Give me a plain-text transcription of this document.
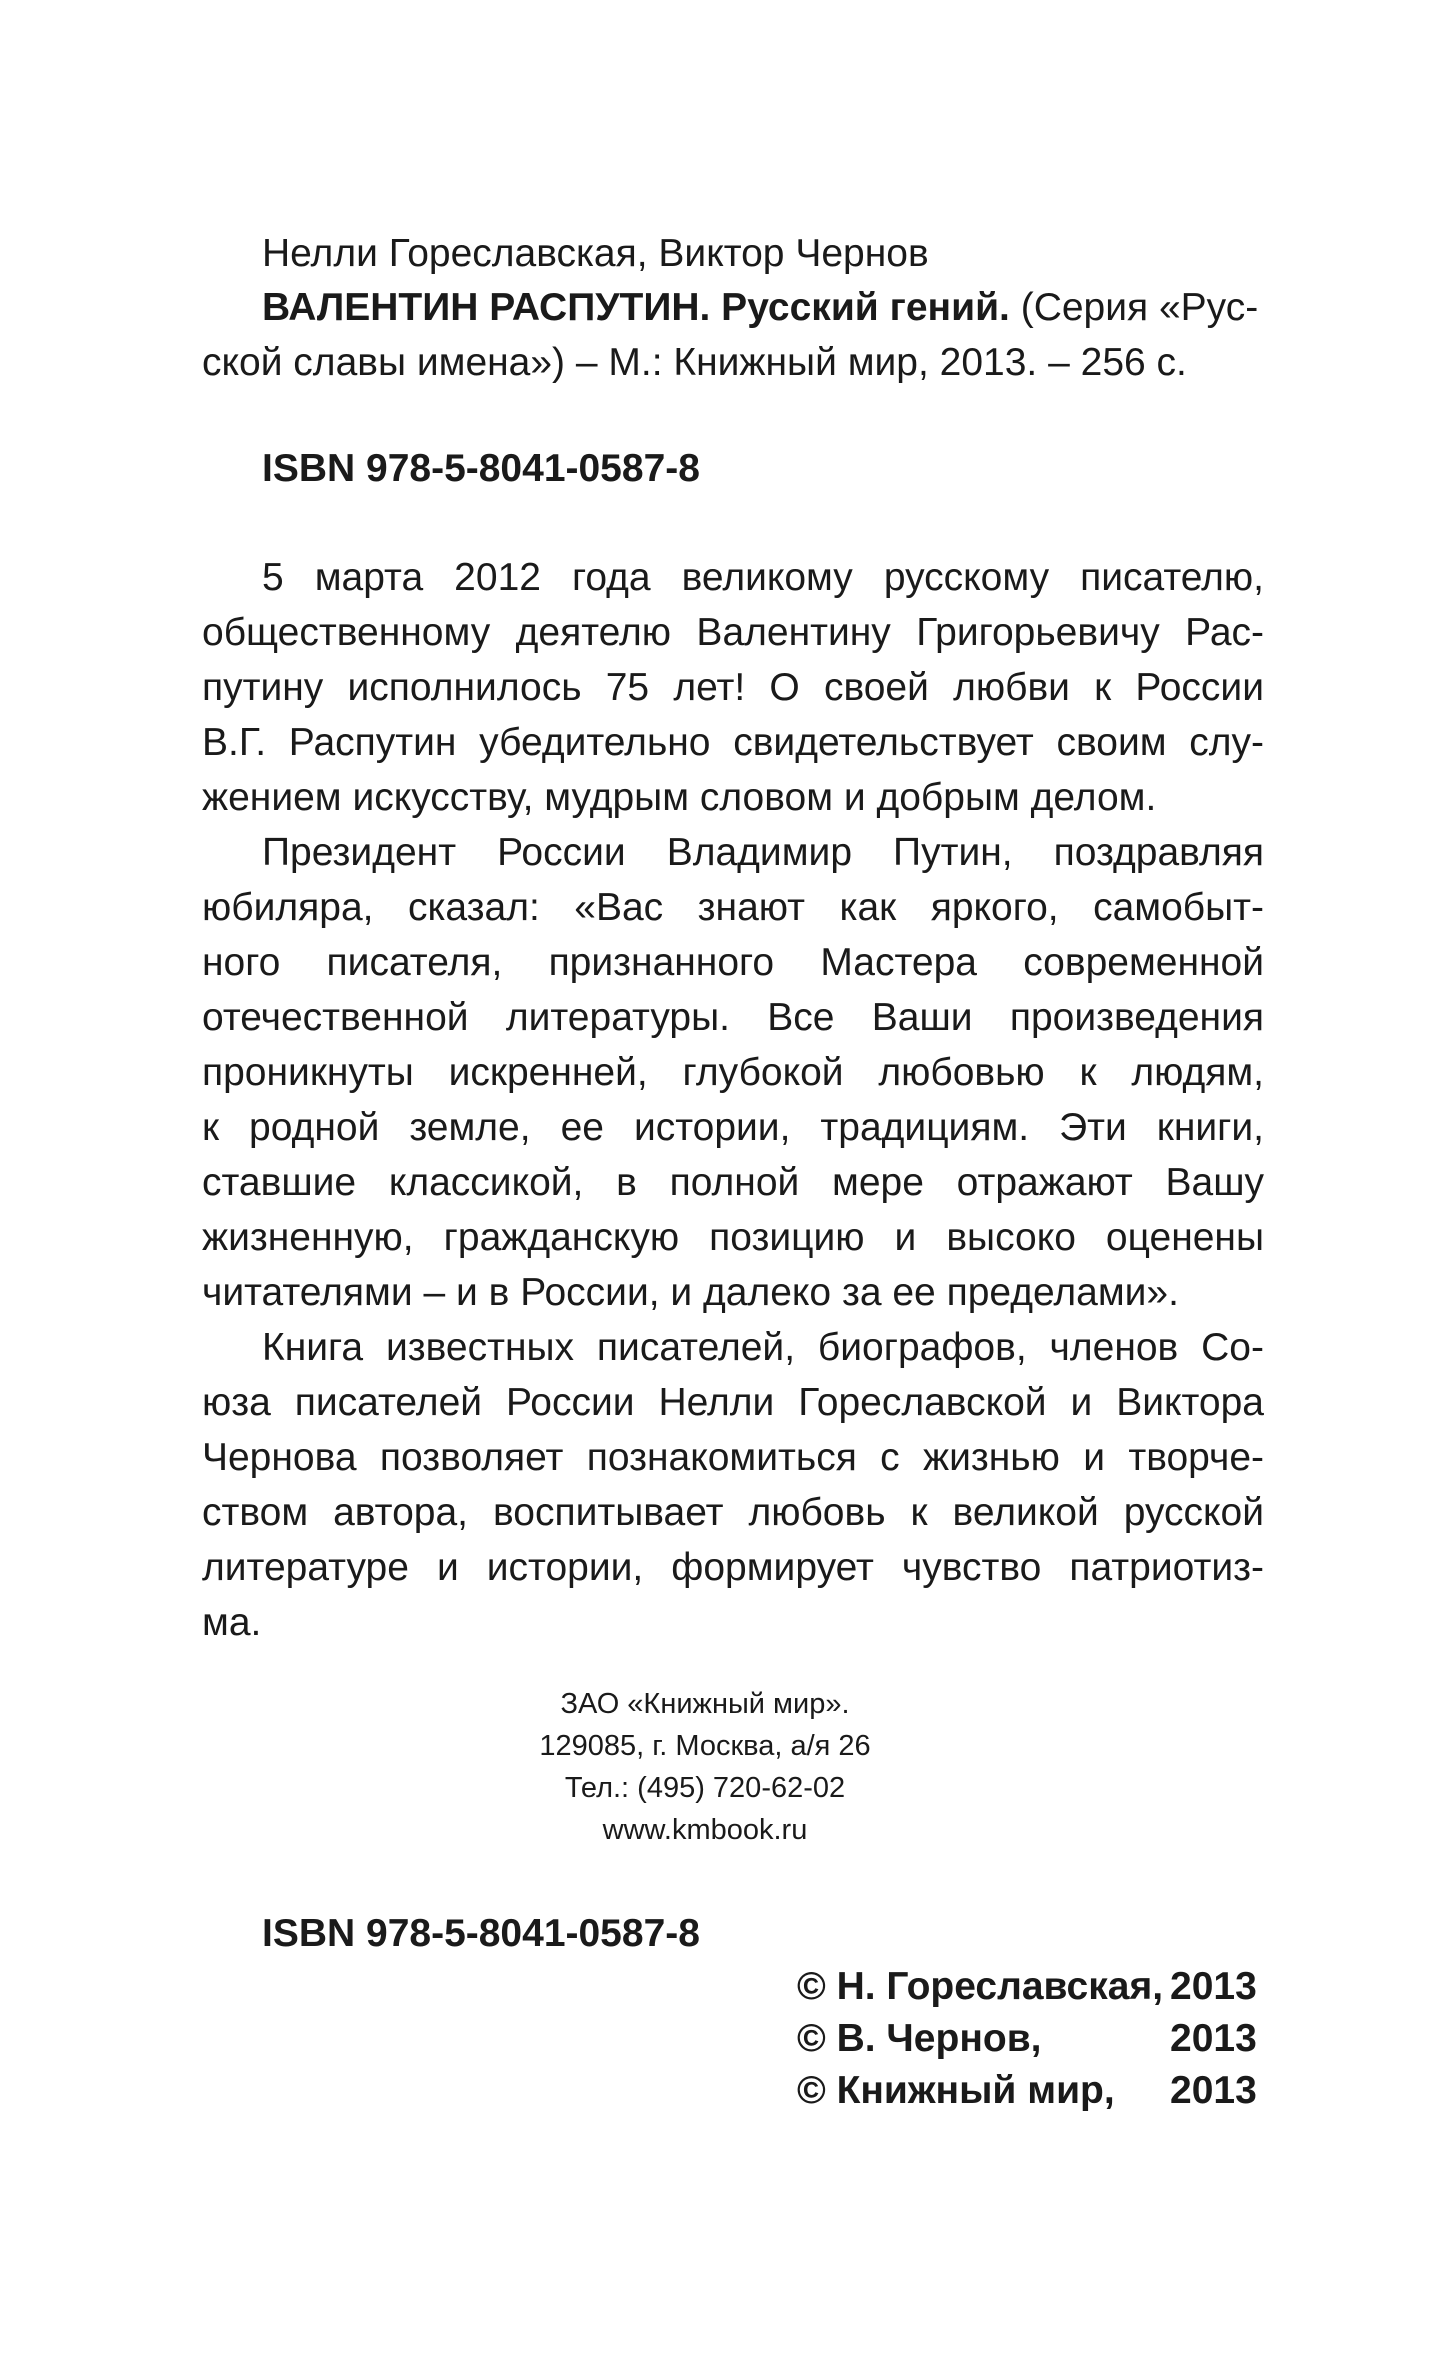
Нелли Гореславская, Виктор Чернов
ВАЛЕНТИН РАСПУТИН. Русский гений. (Серия «Рус-
ской славы имена») – М.: Книжный мир, 2013. – 256 с.
ISBN 978-5-8041-0587-8
5 марта 2012 года великому русскому писателю,
общественному деятелю Валентину Григорьевичу Рас-
путину исполнилось 75 лет! О своей любви к России
В.Г. Распутин убедительно свидетельствует своим слу-
жением искусству, мудрым словом и добрым делом.
Президент России Владимир Путин, поздравляя
юбиляра, сказал: «Вас знают как яркого, самобыт-
ного писателя, признанного Мастера современной
отечественной литературы. Все Ваши произведения
проникнуты искренней, глубокой любовью к людям,
к родной земле, ее истории, традициям. Эти книги,
ставшие классикой, в полной мере отражают Вашу
жизненную, гражданскую позицию и высоко оценены
читателями – и в России, и далеко за ее пределами».
Книга известных писателей, биографов, членов Со-
юза писателей России Нелли Гореславской и Виктора
Чернова позволяет познакомиться с жизнью и творче-
ством автора, воспитывает любовь к великой русской
литературе и истории, формирует чувство патриотиз-
ма.
ЗАО «Книжный мир».
129085, г. Москва, а/я 26
Тел.: (495) 720-62-02
www.kmbook.ru
ISBN 978-5-8041-0587-8
© Н. Гореславская, 2013
© В. Чернов,	2013
© Книжный мир, 2013
